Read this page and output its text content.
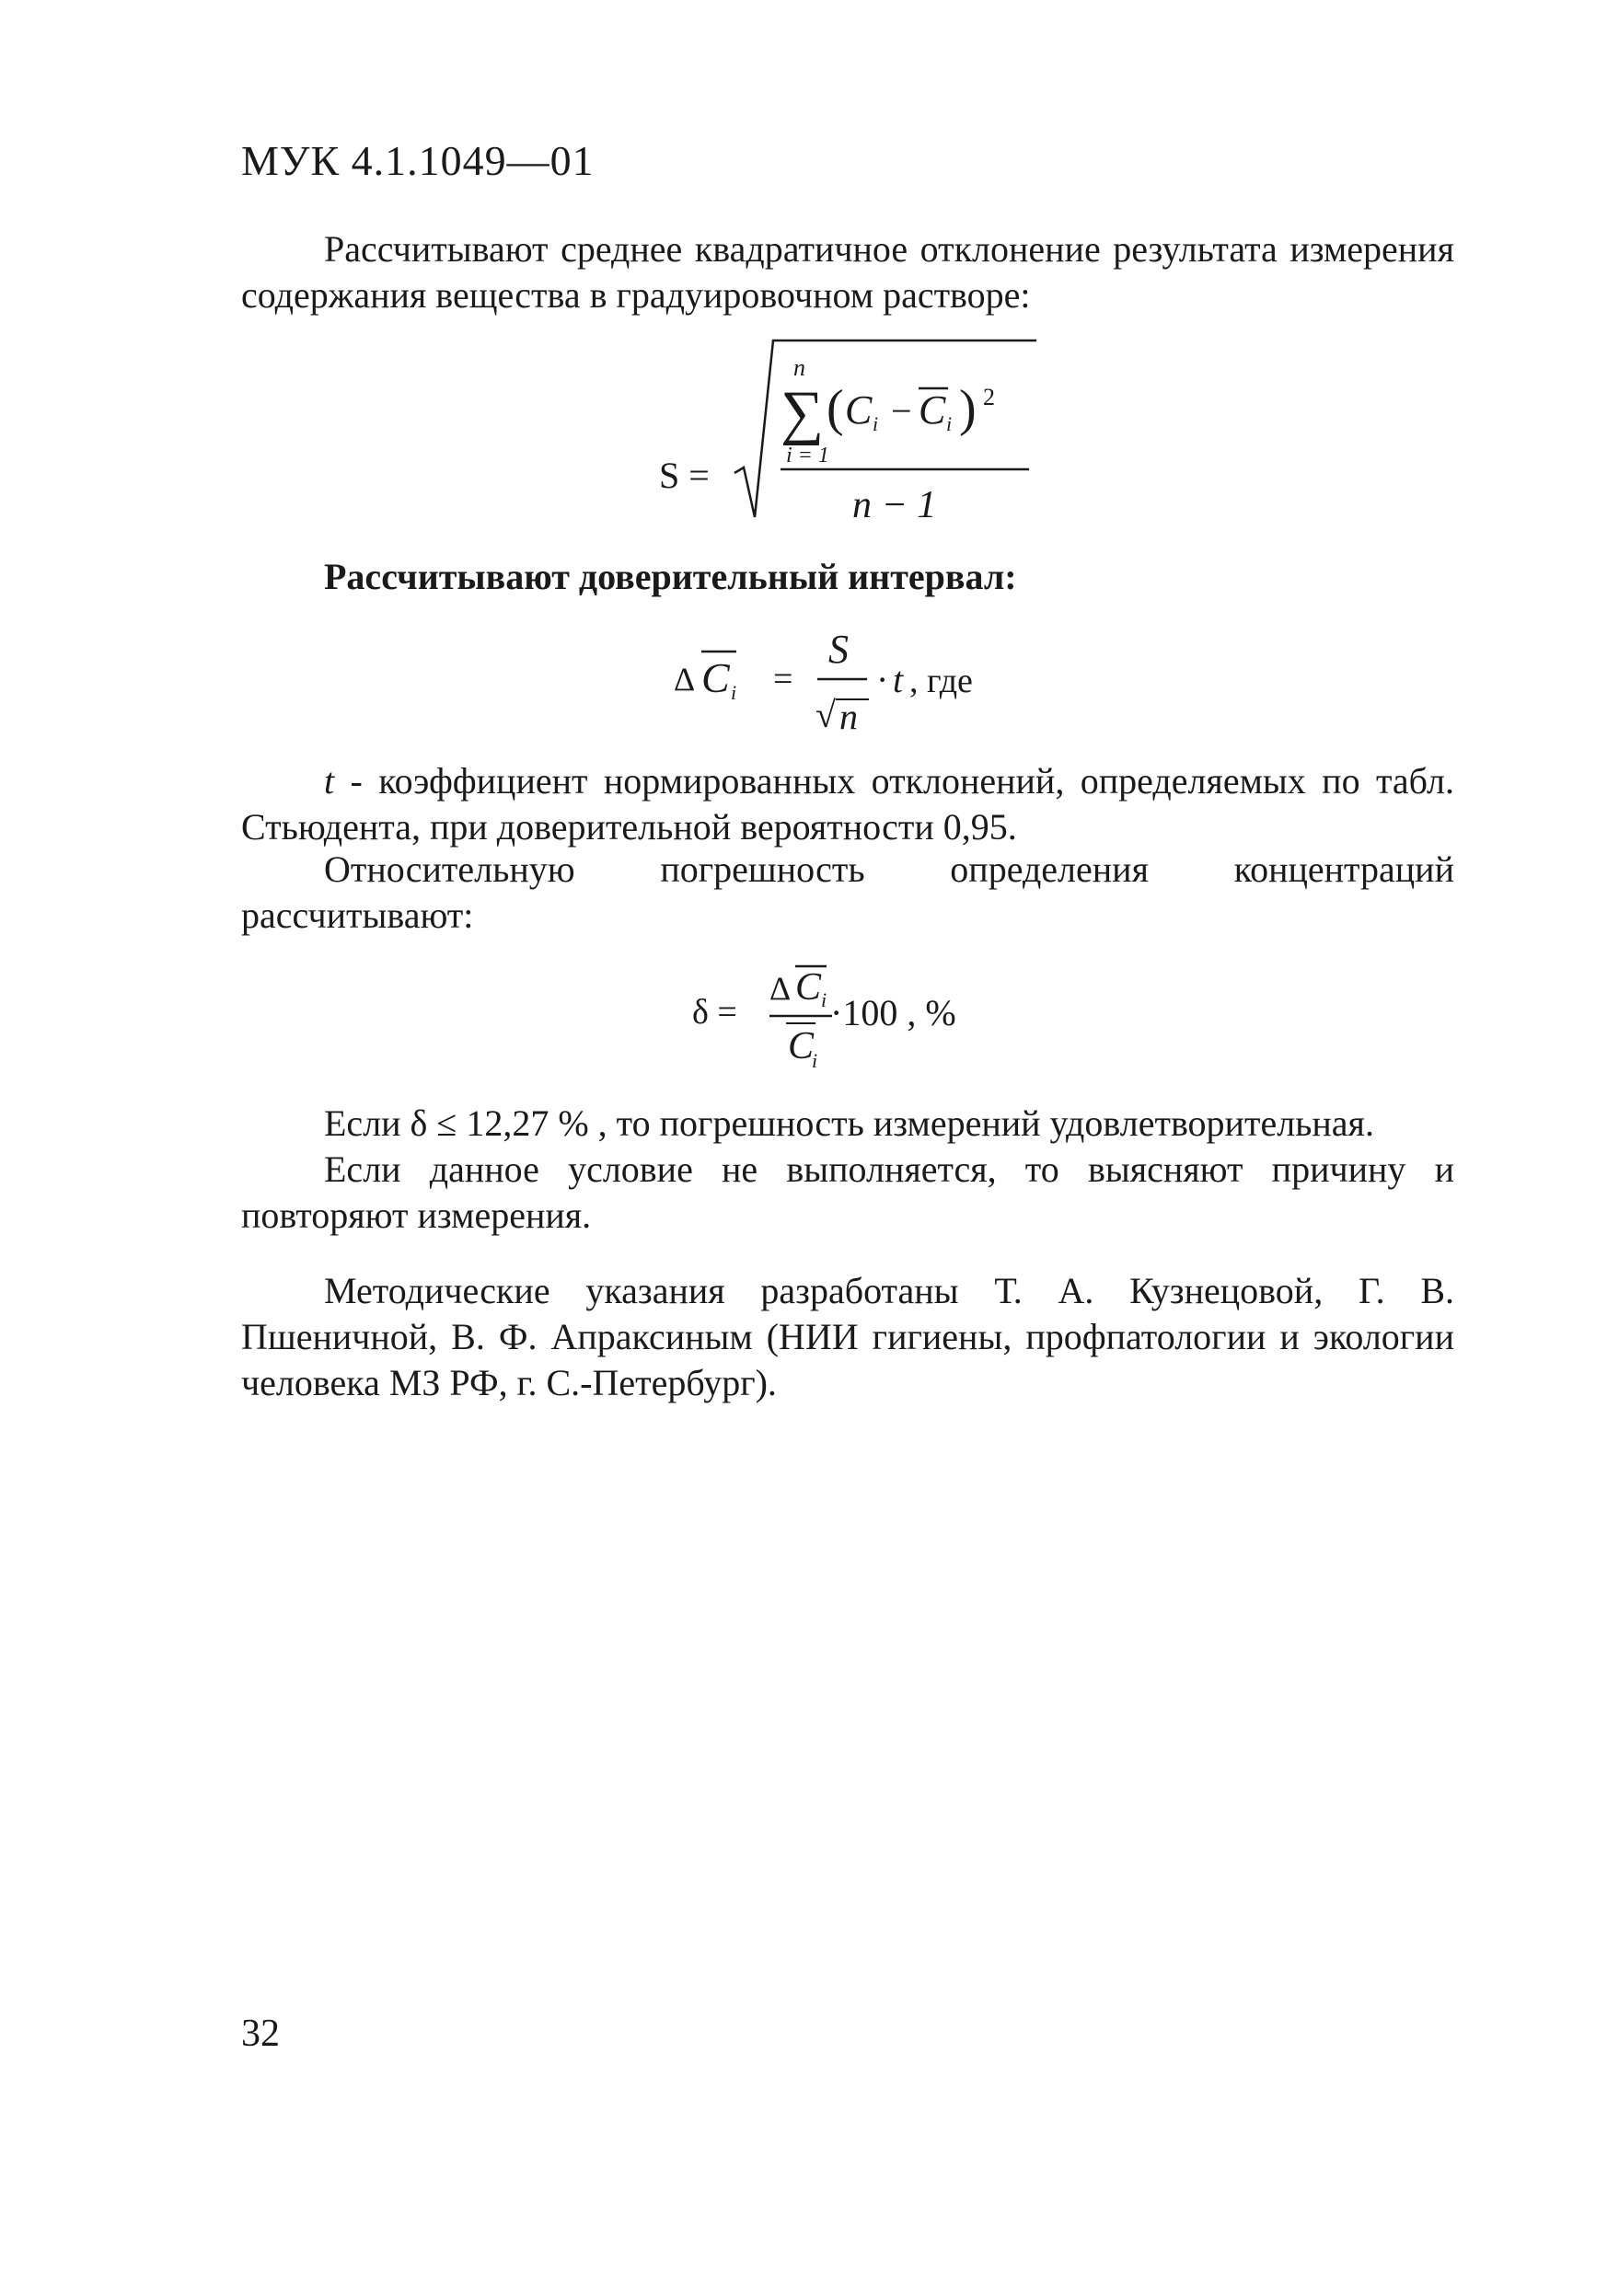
МУК 4.1.1049—01
Рассчитывают среднее квадратичное отклонение результата измерения содержания вещества в градуировочном растворе:
S =
n
∑
i = 1
( C i − C i ) 2
n − 1
Рассчитывают доверительный интервал:
Δ C i =
S
√ n
· t , где
t - коэффициент нормированных отклонений, определяемых по табл. Стьюдента, при доверительной вероятности 0,95.
Относительную погрешность определения концентраций рассчитывают:
δ =
Δ C i
C
i
·100 , %
Если δ ≤ 12,27 % , то погрешность измерений удовлетворительная.
Если данное условие не выполняется, то выясняют причину и повторяют измерения.
Методические указания разработаны Т. А. Кузнецовой, Г. В. Пшеничной, В. Ф. Апраксиным (НИИ гигиены, профпатологии и экологии человека МЗ РФ, г. С.-Петербург).
32
